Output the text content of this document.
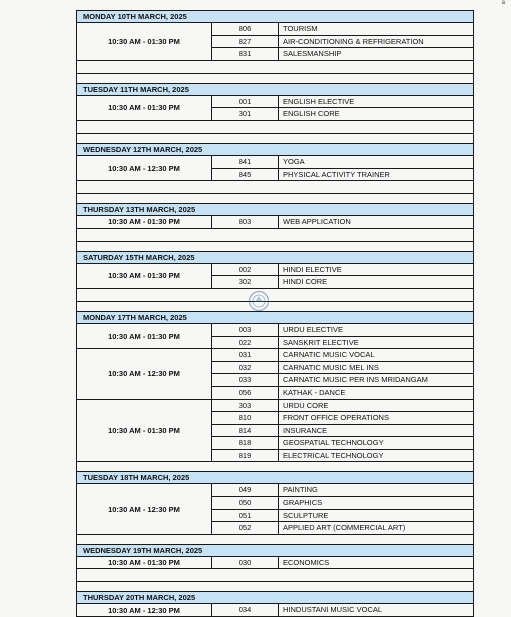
a
MONDAY 10TH MARCH, 2025
10:30 AM - 01:30 PM
806	TOURISM
827	AIR-CONDITIONING & REFRIGERATION
831	SALESMANSHIP
TUESDAY 11TH MARCH, 2025
10:30 AM - 01:30 PM
001	ENGLISH ELECTIVE
301	ENGLISH CORE
WEDNESDAY 12TH MARCH, 2025
10:30 AM - 12:30 PM
841	YOGA
845	PHYSICAL ACTIVITY TRAINER
THURSDAY 13TH MARCH, 2025
10:30 AM - 01:30 PM	803	WEB APPLICATION
SATURDAY 15TH MARCH, 2025
10:30 AM - 01:30 PM
002	HINDI ELECTIVE
302	HINDI CORE
MONDAY 17TH MARCH, 2025
10:30 AM - 01:30 PM
003	URDU ELECTIVE
022	SANSKRIT ELECTIVE
10:30 AM - 12:30 PM
031	CARNATIC MUSIC VOCAL
032	CARNATIC MUSIC MEL INS
033	CARNATIC MUSIC PER INS MRIDANGAM
056	KATHAK - DANCE
10:30 AM - 01:30 PM
303	URDU CORE
810	FRONT OFFICE OPERATIONS
814	INSURANCE
818	GEOSPATIAL TECHNOLOGY
819	ELECTRICAL TECHNOLOGY
TUESDAY 18TH MARCH, 2025
10:30 AM - 12:30 PM
049	PAINTING
050	GRAPHICS
051	SCULPTURE
052	APPLIED ART (COMMERCIAL ART)
WEDNESDAY 19TH MARCH, 2025
10:30 AM - 01:30 PM	030	ECONOMICS
THURSDAY 20TH MARCH, 2025
10:30 AM - 12:30 PM	034	HINDUSTANI MUSIC VOCAL
